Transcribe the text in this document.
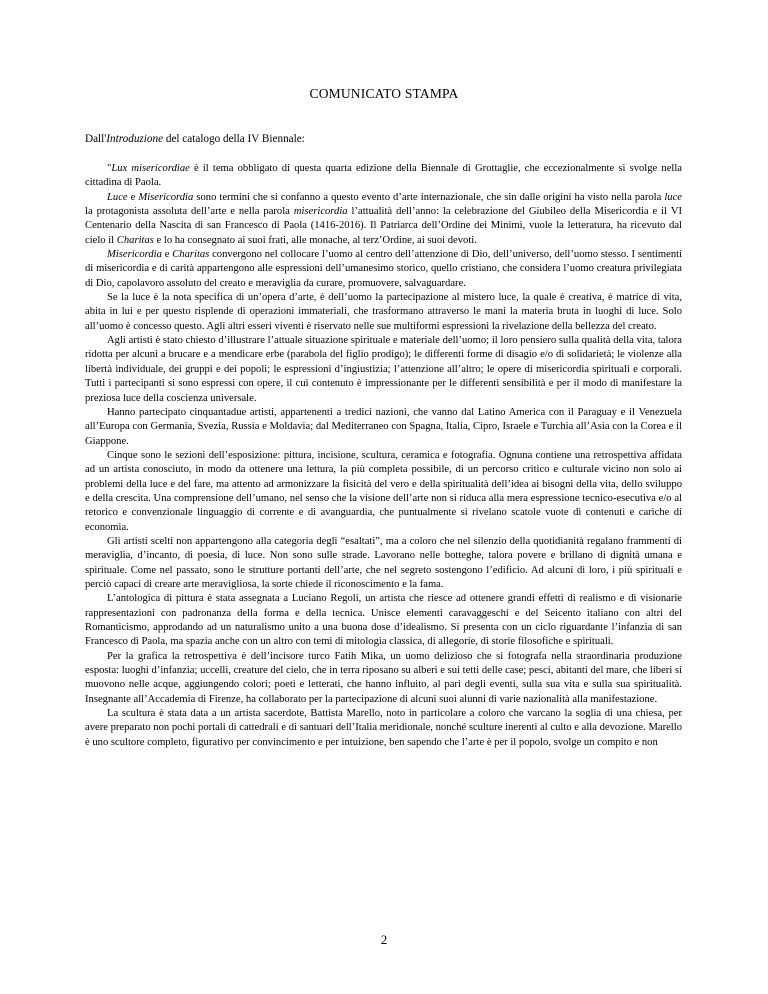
COMUNICATO STAMPA
Dall'Introduzione del catalogo della IV Biennale:

"Lux misericordiae è il tema obbligato di questa quarta edizione della Biennale di Grottaglie, che eccezionalmente si svolge nella cittadina di Paola.

Luce e Misericordia sono termini che si confanno a questo evento d’arte internazionale, che sin dalle origini ha visto nella parola luce la protagonista assoluta dell’arte e nella parola misericordia l’attualità dell’anno: la celebrazione del Giubileo della Misericordia e il VI Centenario della Nascita di san Francesco di Paola (1416-2016). Il Patriarca dell’Ordine dei Minimi, vuole la letteratura, ha ricevuto dal cielo il Charitas e lo ha consegnato ai suoi frati, alle monache, al terz’Ordine, ai suoi devoti.

Misericordia e Charitas convergono nel collocare l’uomo al centro dell’attenzione di Dio, dell’universo, dell’uomo stesso. I sentimenti di misericordia e di carità appartengono alle espressioni dell’umanesimo storico, quello cristiano, che considera l’uomo creatura privilegiata di Dio, capolavoro assoluto del creato e meraviglia da curare, promuovere, salvaguardare.

Se la luce è la nota specifica di un’opera d’arte, è dell’uomo la partecipazione al mistero luce, la quale è creativa, è matrice di vita, abita in lui e per questo risplende di operazioni immateriali, che trasformano attraverso le mani la materia bruta in luoghi di luce. Solo all’uomo è concesso questo. Agli altri esseri viventi è riservato nelle sue multiformi espressioni la rivelazione della bellezza del creato.

Agli artisti è stato chiesto d’illustrare l’attuale situazione spirituale e materiale dell’uomo; il loro pensiero sulla qualità della vita, talora ridotta per alcuni a brucare e a mendicare erbe (parabola del figlio prodigo); le differenti forme di disagio e/o di solidarietà; le violenze alla libertà individuale, dei gruppi e dei popoli; le espressioni d’ingiustizia; l’attenzione all’altro; le opere di misericordia spirituali e corporali. Tutti i partecipanti si sono espressi con opere, il cui contenuto è impressionante per le differenti sensibilità e per il modo di manifestare la preziosa luce della coscienza universale.

Hanno partecipato cinquantadue artisti, appartenenti a tredici nazioni, che vanno dal Latino America con il Paraguay e il Venezuela all’Europa con Germania, Svezia, Russia e Moldavia; dal Mediterraneo con Spagna, Italia, Cipro, Israele e Turchia all’Asia con la Corea e il Giappone.

Cinque sono le sezioni dell’esposizione: pittura, incisione, scultura, ceramica e fotografia. Ognuna contiene una retrospettiva affidata ad un artista conosciuto, in modo da ottenere una lettura, la più completa possibile, di un percorso critico e culturale vicino non solo ai problemi della luce e del fare, ma attento ad armonizzare la fisicità del vero e della spiritualità dell’idea ai bisogni della vita, dello sviluppo e della crescita. Una comprensione dell’umano, nel senso che la visione dell’arte non si riduca alla mera espressione tecnico-esecutiva e/o al retorico e convenzionale linguaggio di corrente e di avanguardia, che puntualmente si rivelano scatole vuote di contenuti e cariche di economia.

Gli artisti scelti non appartengono alla categoria degli “esaltati”, ma a coloro che nel silenzio della quotidianità regalano frammenti di meraviglia, d’incanto, di poesia, di luce. Non sono sulle strade. Lavorano nelle botteghe, talora povere e brillano di dignità umana e spirituale. Come nel passato, sono le strutture portanti dell’arte, che nel segreto sostengono l’edificio. Ad alcuni di loro, i più spirituali e perciò capaci di creare arte meravigliosa, la sorte chiede il riconoscimento e la fama.

L’antologica di pittura è stata assegnata a Luciano Regoli, un artista che riesce ad ottenere grandi effetti di realismo e di visionarie rappresentazioni con padronanza della forma e della tecnica. Unisce elementi caravaggeschi e del Seicento italiano con altri del Romanticismo, approdando ad un naturalismo unito a una buona dose d’idealismo. Si presenta con un ciclo riguardante l’infanzia di san Francesco di Paola, ma spazia anche con un altro con temi di mitologia classica, di allegorie, di storie filosofiche e spirituali.

Per la grafica la retrospettiva è dell’incisore turco Fatih Mika, un uomo delizioso che si fotografa nella straordinaria produzione esposta: luoghi d’infanzia; uccelli, creature del cielo, che in terra riposano su alberi e sui tetti delle case; pesci, abitanti del mare, che liberi si muovono nelle acque, aggiungendo colori; poeti e letterati, che hanno influito, al pari degli eventi, sulla sua vita e sulla sua spiritualità. Insegnante all’Accademia di Firenze, ha collaborato per la partecipazione di alcuni suoi alunni di varie nazionalità alla manifestazione.

La scultura è stata data a un artista sacerdote, Battista Marello, noto in particolare a coloro che varcano la soglia di una chiesa, per avere preparato non pochi portali di cattedrali e di santuari dell’Italia meridionale, nonché sculture inerenti al culto e alla devozione. Marello è uno scultore completo, figurativo per convincimento e per intuizione, ben sapendo che l’arte è per il popolo, svolge un compito e non

2
